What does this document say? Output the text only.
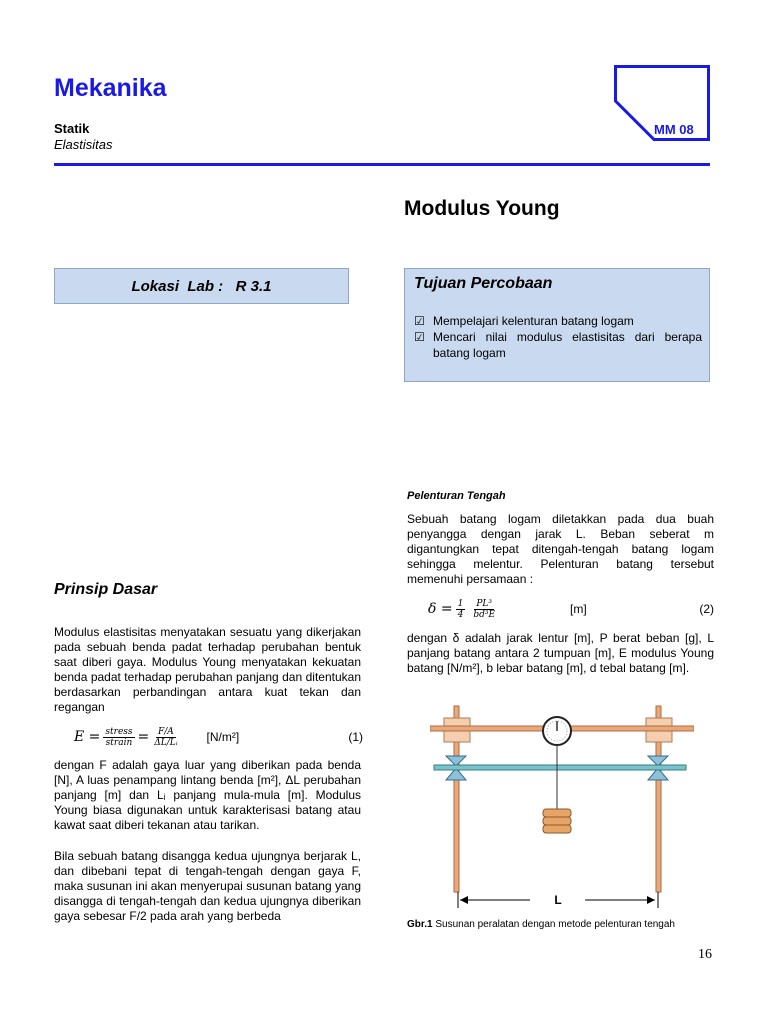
Mekanika
Statik
Elastisitas
MM 08
Modulus Young
Lokasi  Lab :   R 3.1	Tujuan Percobaan
☑ Mempelajari kelenturan batang logam
☑ Mencari nilai modulus elastisitas dari berapa batang logam
Prinsip Dasar
Modulus elastisitas menyatakan sesuatu yang dikerjakan pada sebuah benda padat terhadap perubahan bentuk saat diberi gaya. Modulus Young menyatakan kekuatan benda padat terhadap perubahan panjang dan ditentukan berdasarkan perbandingan antara kuat tekan dan regangan
$E = \frac{\text{stress}}{\text{strain}} = \frac{F/A}{\text{ΔL/Lᵢ}} [N/m^2]$	(1)
dengan F adalah gaya luar yang diberikan pada benda [N], A luas penampang lintang benda [m²], ΔL perubahan panjang [m] dan Lᵢ panjang mula-mula [m]. Modulus Young biasa digunakan untuk karakterisasi batang atau kawat saat diberi tekanan atau tarikan.
Bila sebuah batang disangga kedua ujungnya berjarak L, dan dibebani tepat di tengah-tengah dengan gaya F, maka susunan ini akan menyerupai susunan batang yang disangga di tengah-tengah dan kedua ujungnya diberikan gaya sebesar F/2 pada arah yang berbeda
Pelenturan Tengah
Sebuah batang logam diletakkan pada dua buah penyangga dengan jarak L. Beban seberat m digantungkan tepat ditengah-tengah batang logam sehingga melentur. Pelenturan batang tersebut memenuhi persamaan :
$\delta = \frac{1}{4} \frac{\text{PL³}}{\text{bd³E}}$	[m]	(2)
dengan δ adalah jarak lentur [m], P berat beban [g], L panjang batang antara 2 tumpuan [m], E modulus Young batang [N/m²], b lebar batang [m], d tebal batang [m].
L
Gbr.1 Susunan peralatan dengan metode pelenturan tengah
16
